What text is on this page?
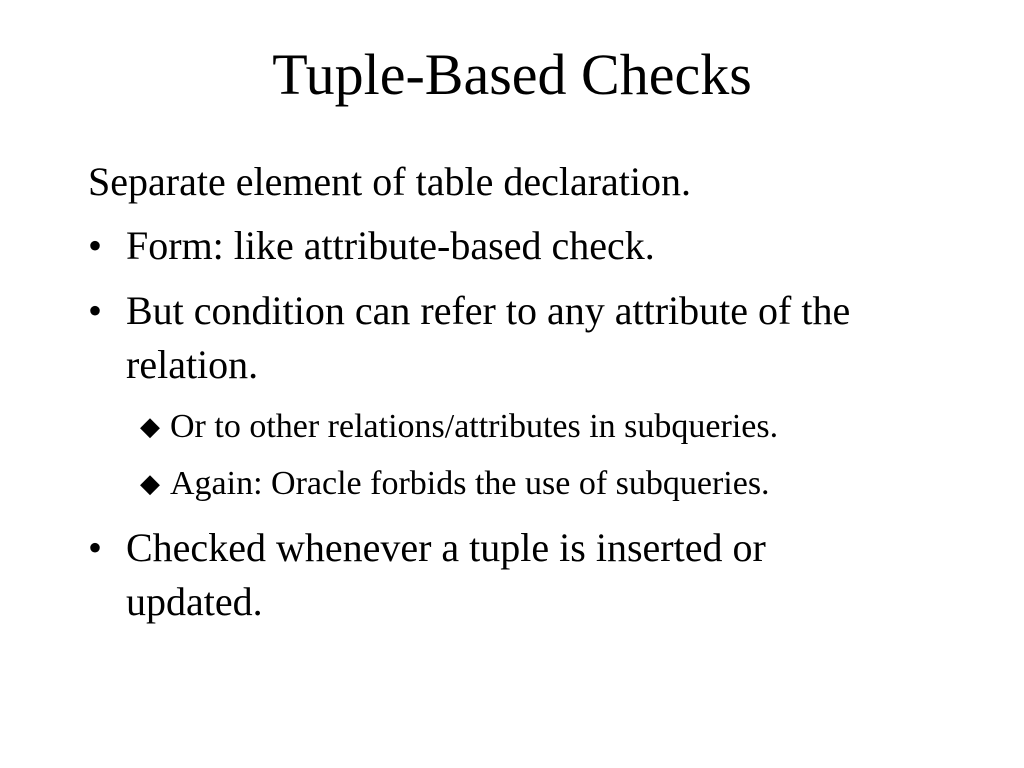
Tuple-Based Checks
Separate element of table declaration.
• Form: like attribute-based check.
• But condition can refer to any attribute of the relation.
◆ Or to other relations/attributes in subqueries.
◆ Again: Oracle forbids the use of subqueries.
• Checked whenever a tuple is inserted or updated.
